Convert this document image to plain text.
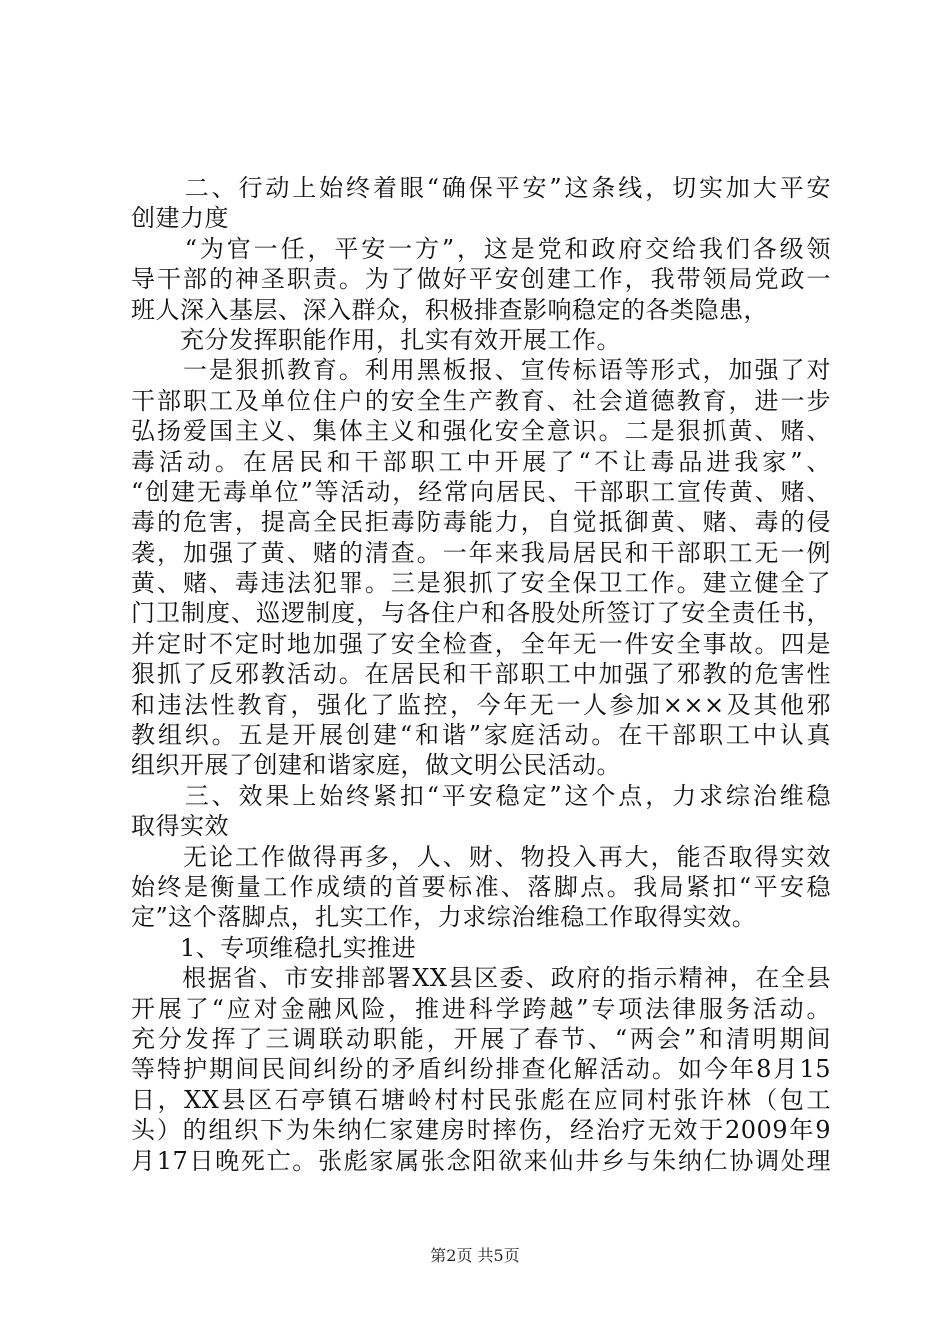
　　二、行动上始终着眼“确保平安”这条线，切实加大平安
创建力度
　　“为官一任，平安一方”，这是党和政府交给我们各级领
导干部的神圣职责。为了做好平安创建工作，我带领局党政一
班人深入基层、深入群众，积极排查影响稳定的各类隐患，
　　充分发挥职能作用，扎实有效开展工作。
　　一是狠抓教育。利用黑板报、宣传标语等形式，加强了对
干部职工及单位住户的安全生产教育、社会道德教育，进一步
弘扬爱国主义、集体主义和强化安全意识。二是狠抓黄、赌、
毒活动。在居民和干部职工中开展了“不让毒品进我家”、
“创建无毒单位”等活动，经常向居民、干部职工宣传黄、赌、
毒的危害，提高全民拒毒防毒能力，自觉抵御黄、赌、毒的侵
袭，加强了黄、赌的清查。一年来我局居民和干部职工无一例
黄、赌、毒违法犯罪。三是狠抓了安全保卫工作。建立健全了
门卫制度、巡逻制度，与各住户和各股处所签订了安全责任书，
并定时不定时地加强了安全检查，全年无一件安全事故。四是
狠抓了反邪教活动。在居民和干部职工中加强了邪教的危害性
和违法性教育，强化了监控，今年无一人参加×××及其他邪
教组织。五是开展创建“和谐”家庭活动。在干部职工中认真
组织开展了创建和谐家庭，做文明公民活动。
　　三、效果上始终紧扣“平安稳定”这个点，力求综治维稳
取得实效
　　无论工作做得再多，人、财、物投入再大，能否取得实效
始终是衡量工作成绩的首要标准、落脚点。我局紧扣“平安稳
定”这个落脚点，扎实工作，力求综治维稳工作取得实效。
　　1、专项维稳扎实推进
　　根据省、市安排部署XX县区委、政府的指示精神，在全县
开展了“应对金融风险，推进科学跨越”专项法律服务活动。
充分发挥了三调联动职能，开展了春节、“两会”和清明期间
等特护期间民间纠纷的矛盾纠纷排查化解活动。如今年8月15
日，XX县区石亭镇石塘岭村村民张彪在应同村张许林（包工
头）的组织下为朱纳仁家建房时摔伤，经治疗无效于2009年9
月17日晚死亡。张彪家属张念阳欲来仙井乡与朱纳仁协调处理
第2页 共5页
